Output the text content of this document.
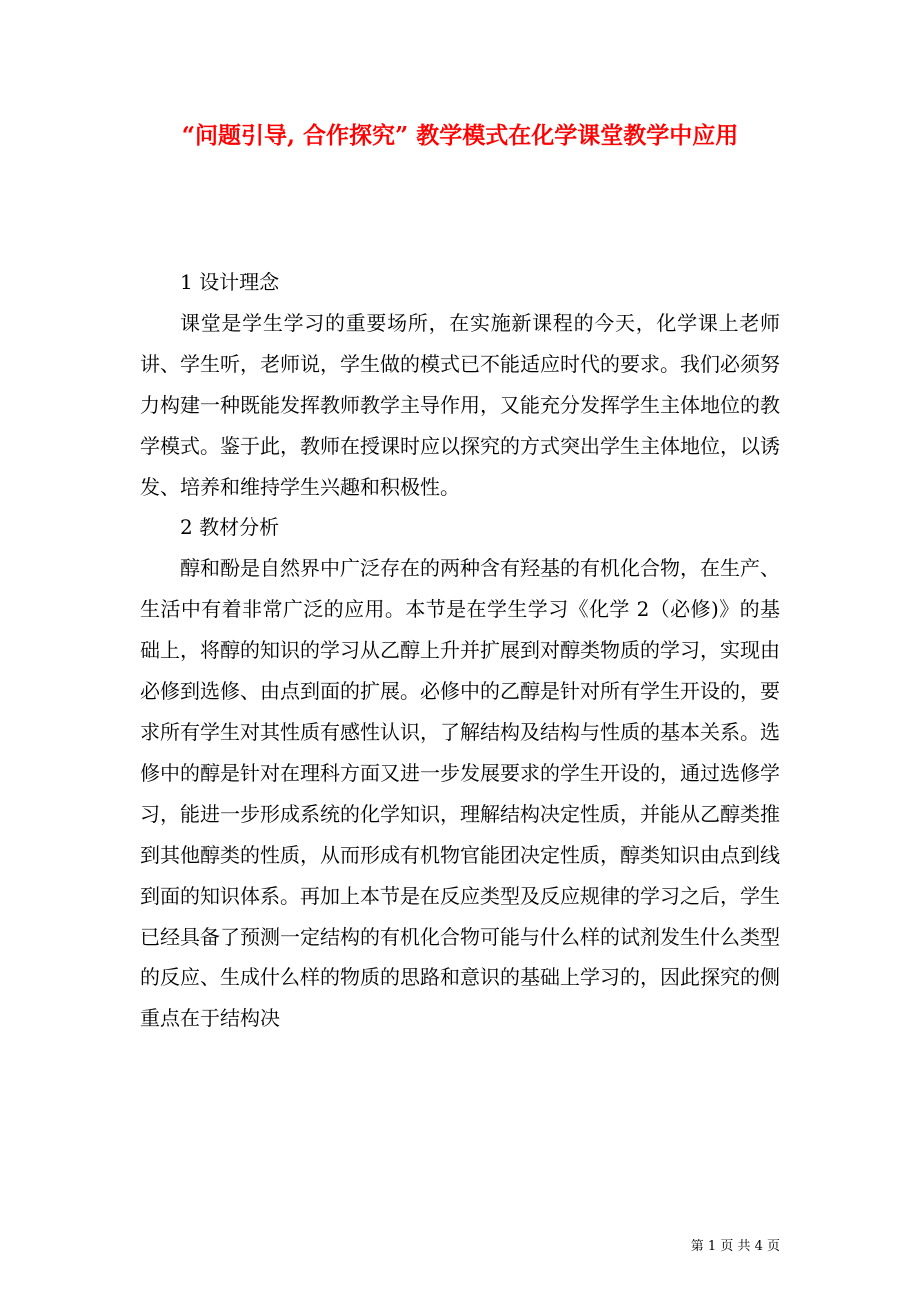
“问题引导, 合作探究” 教学模式在化学课堂教学中应用

1 设计理念

课堂是学生学习的重要场所，在实施新课程的今天，化学课上老师讲、学生听，老师说，学生做的模式已不能适应时代的要求。我们必须努力构建一种既能发挥教师教学主导作用，又能充分发挥学生主体地位的教学模式。鉴于此，教师在授课时应以探究的方式突出学生主体地位，以诱发、培养和维持学生兴趣和积极性。

2 教材分析

醇和酚是自然界中广泛存在的两种含有羟基的有机化合物，在生产、生活中有着非常广泛的应用。本节是在学生学习《化学 2（必修)》的基础上，将醇的知识的学习从乙醇上升并扩展到对醇类物质的学习，实现由必修到选修、由点到面的扩展。必修中的乙醇是针对所有学生开设的，要求所有学生对其性质有感性认识，了解结构及结构与性质的基本关系。选修中的醇是针对在理科方面又进一步发展要求的学生开设的，通过选修学习，能进一步形成系统的化学知识，理解结构决定性质，并能从乙醇类推到其他醇类的性质，从而形成有机物官能团决定性质，醇类知识由点到线到面的知识体系。再加上本节是在反应类型及反应规律的学习之后，学生已经具备了预测一定结构的有机化合物可能与什么样的试剂发生什么类型的反应、生成什么样的物质的思路和意识的基础上学习的，因此探究的侧重点在于结构决

第 1 页 共 4 页
